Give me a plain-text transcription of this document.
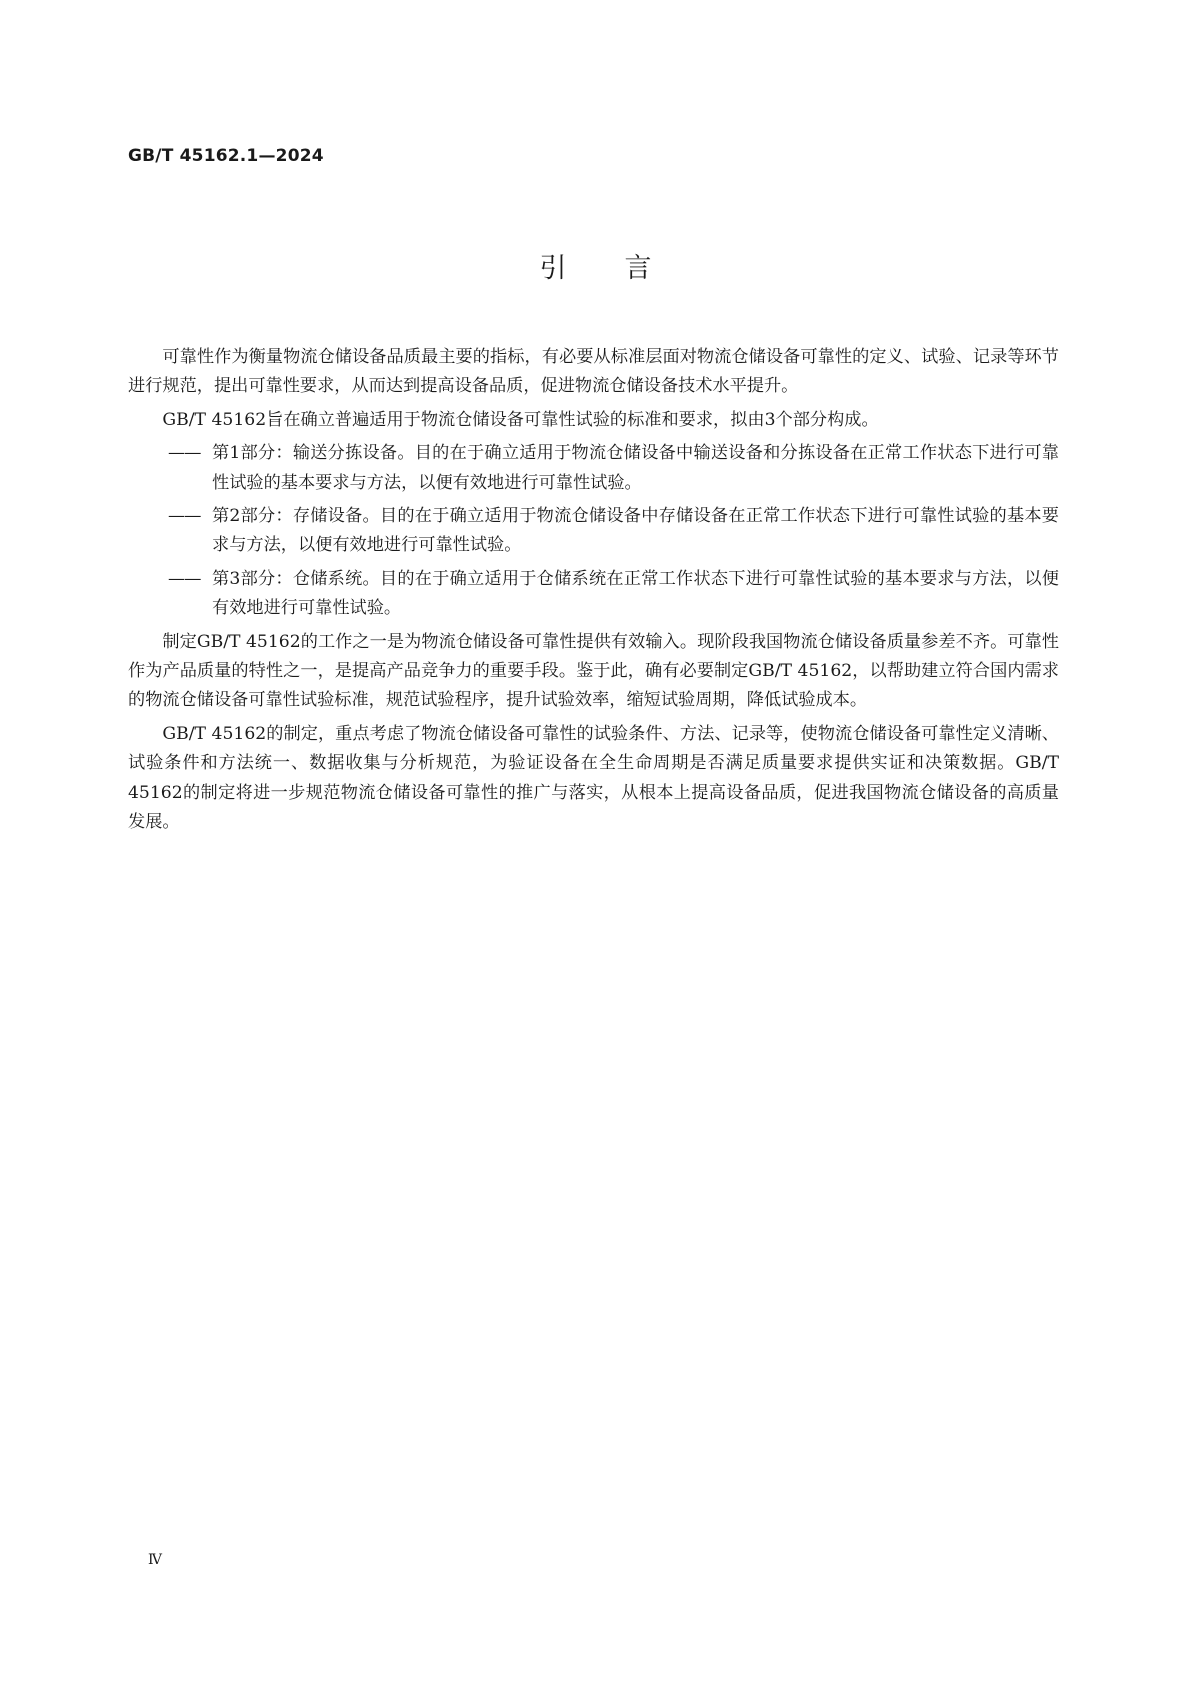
GB/T 45162.1—2024
引言

可靠性作为衡量物流仓储设备品质最主要的指标，有必要从标准层面对物流仓储设备可靠性的定义、试验、记录等环节进行规范，提出可靠性要求，从而达到提高设备品质，促进物流仓储设备技术水平提升。

GB/T 45162旨在确立普遍适用于物流仓储设备可靠性试验的标准和要求，拟由3个部分构成。

—— 第1部分：输送分拣设备。目的在于确立适用于物流仓储设备中输送设备和分拣设备在正常工作状态下进行可靠性试验的基本要求与方法，以便有效地进行可靠性试验。
—— 第2部分：存储设备。目的在于确立适用于物流仓储设备中存储设备在正常工作状态下进行可靠性试验的基本要求与方法，以便有效地进行可靠性试验。
—— 第3部分：仓储系统。目的在于确立适用于仓储系统在正常工作状态下进行可靠性试验的基本要求与方法，以便有效地进行可靠性试验。

制定GB/T 45162的工作之一是为物流仓储设备可靠性提供有效输入。现阶段我国物流仓储设备质量参差不齐。可靠性作为产品质量的特性之一，是提高产品竞争力的重要手段。鉴于此，确有必要制定GB/T 45162，以帮助建立符合国内需求的物流仓储设备可靠性试验标准，规范试验程序，提升试验效率，缩短试验周期，降低试验成本。

GB/T 45162的制定，重点考虑了物流仓储设备可靠性的试验条件、方法、记录等，使物流仓储设备可靠性定义清晰、试验条件和方法统一、数据收集与分析规范，为验证设备在全生命周期是否满足质量要求提供实证和决策数据。GB/T 45162的制定将进一步规范物流仓储设备可靠性的推广与落实，从根本上提高设备品质，促进我国物流仓储设备的高质量发展。

Ⅳ
